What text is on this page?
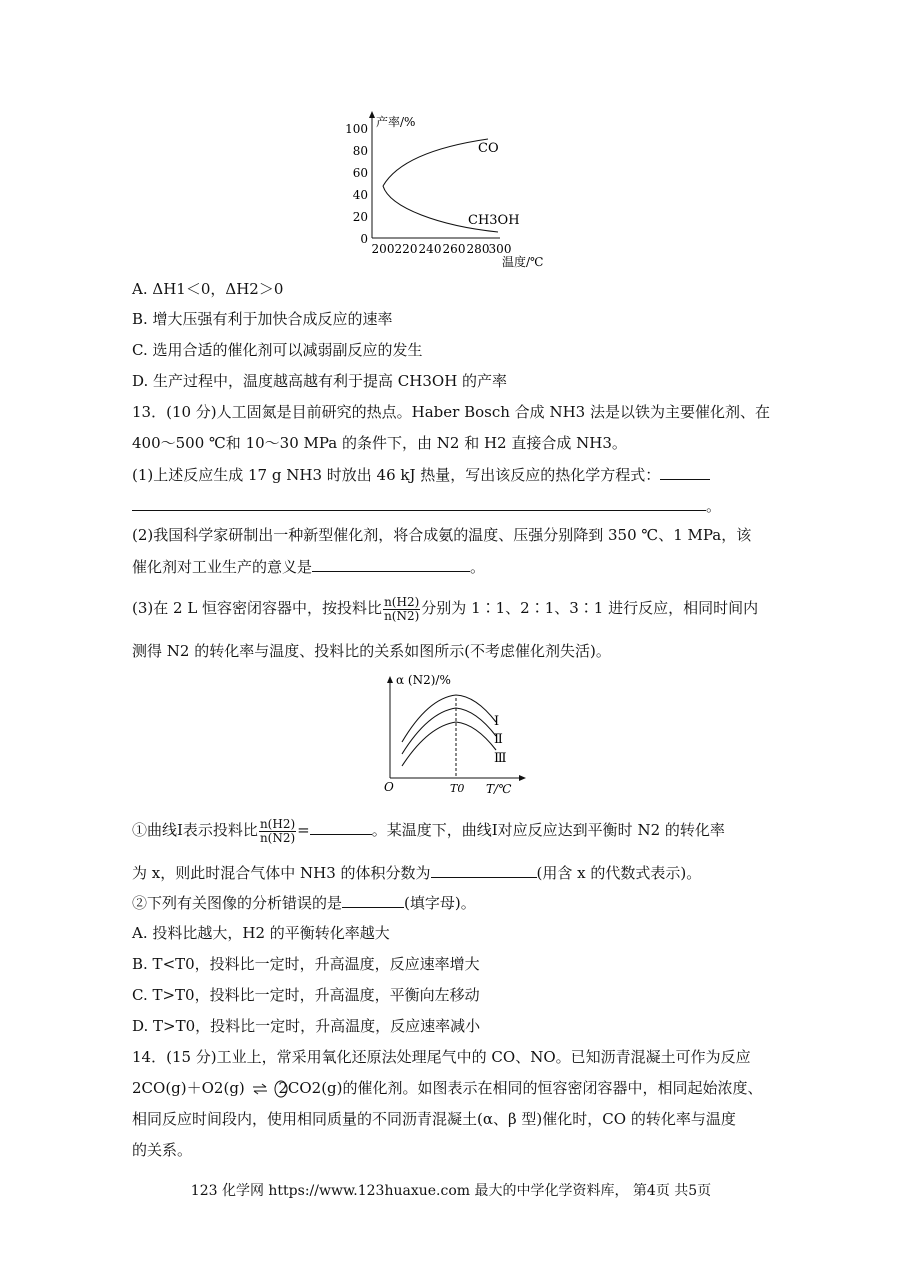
100
80
60
40
20
0
200 220 240 260 280 300
产率/%
温度/℃
CO
CH3OH
A. ΔH1＜0，ΔH2＞0
B. 增大压强有利于加快合成反应的速率
C. 选用合适的催化剂可以减弱副反应的发生
D. 生产过程中，温度越高越有利于提高 CH3OH 的产率
13．(10 分)人工固氮是目前研究的热点。Haber Bosch 合成 NH3 法是以铁为主要催化剂、在
400～500 ℃和 10～30 MPa 的条件下，由 N2 和 H2 直接合成 NH3。
(1)上述反应生成 17 g NH3 时放出 46 kJ 热量，写出该反应的热化学方程式：
。
(2)我国科学家研制出一种新型催化剂，将合成氨的温度、压强分别降到 350 ℃、1 MPa，该
催化剂对工业生产的意义是	。
(3)在 2 L 恒容密闭容器中，按投料比 $\frac{n(H2)}{n(N2)}$ 分别为 1∶1、2∶1、3∶1 进行反应，相同时间内
测得 N2 的转化率与温度、投料比的关系如图所示(不考虑催化剂失活)。
α (N2)/%
O	T0 T/℃
Ⅰ
Ⅱ
Ⅲ
①曲线Ⅰ表示投料比 $\frac{n(H2)}{n(N2)}$ =	。某温度下，曲线Ⅰ对应反应达到平衡时 N2 的转化率
为 x，则此时混合气体中 NH3 的体积分数为	(用含 x 的代数式表示)。
②下列有关图像的分析错误的是	(填字母)。
A. 投料比越大，H2 的平衡转化率越大
B. T<T0，投料比一定时，升高温度，反应速率增大
C. T>T0，投料比一定时，升高温度，平衡向左移动
D. T>T0，投料比一定时，升高温度，反应速率减小
14．(15 分)工业上，常采用氧化还原法处理尾气中的 CO、NO。已知沥青混凝土可作为反应
2CO(g)＋O2(g) 2CO2(g)的催化剂。如图表示在相同的恒容密闭容器中，相同起始浓度、
相同反应时间段内，使用相同质量的不同沥青混凝土(α、β 型)催化时，CO 的转化率与温度
的关系。
123 化学网 https://www.123huaxue.com 最大的中学化学资料库， 第4页 共5页
